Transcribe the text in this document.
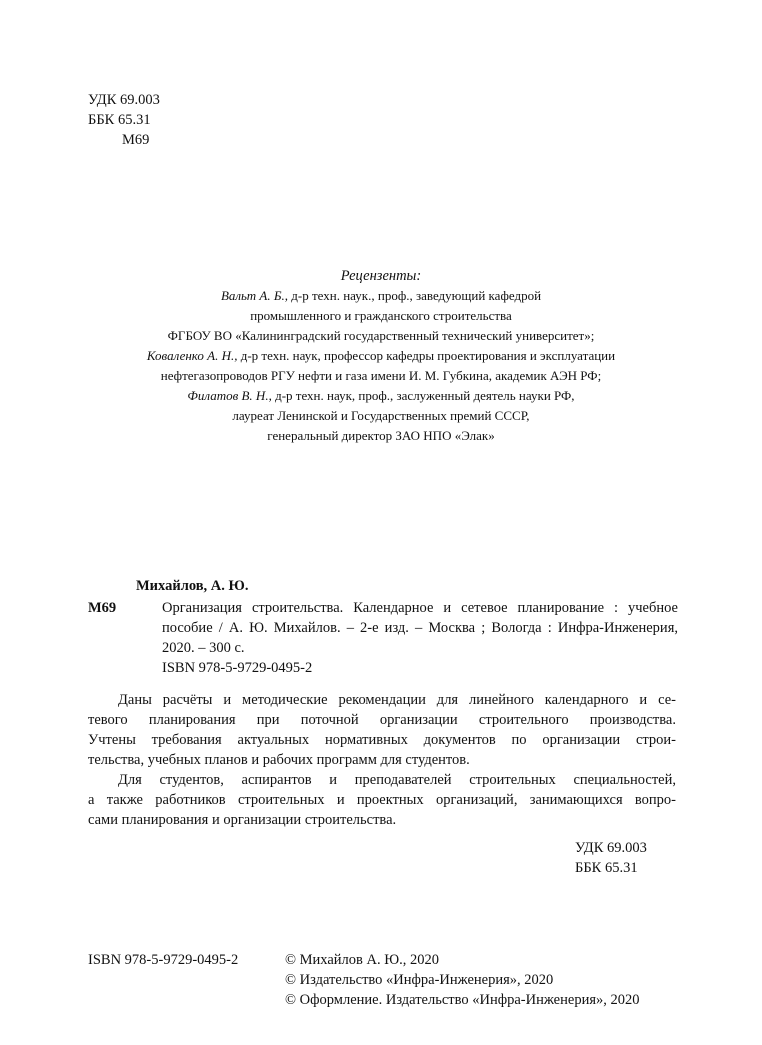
УДК 69.003
ББК 65.31
М69
Рецензенты:
Вальт А. Б., д-р техн. наук., проф., заведующий кафедрой
промышленного и гражданского строительства
ФГБОУ ВО «Калининградский государственный технический университет»;
Коваленко А. Н., д-р техн. наук, профессор кафедры проектирования и эксплуатации
нефтегазопроводов РГУ нефти и газа имени И. М. Губкина, академик АЭН РФ;
Филатов В. Н., д-р техн. наук, проф., заслуженный деятель науки РФ,
лауреат Ленинской и Государственных премий СССР,
генеральный директор ЗАО НПО «Элак»
Михайлов, А. Ю.
М69	Организация строительства. Календарное и сетевое планирование : учебное
пособие / А. Ю. Михайлов. – 2-е изд. – Москва ; Вологда : Инфра-Инженерия,
2020. – 300 с.
ISBN 978-5-9729-0495-2
Даны расчёты и методические рекомендации для линейного календарного и се-
тевого планирования при поточной организации строительного производства.
Учтены требования актуальных нормативных документов по организации строи-
тельства, учебных планов и рабочих программ для студентов.
Для студентов, аспирантов и преподавателей строительных специальностей,
а также работников строительных и проектных организаций, занимающихся вопро-
сами планирования и организации строительства.
УДК 69.003
ББК 65.31
ISBN 978-5-9729-0495-2	© Михайлов А. Ю., 2020
© Издательство «Инфра-Инженерия», 2020
© Оформление. Издательство «Инфра-Инженерия», 2020
